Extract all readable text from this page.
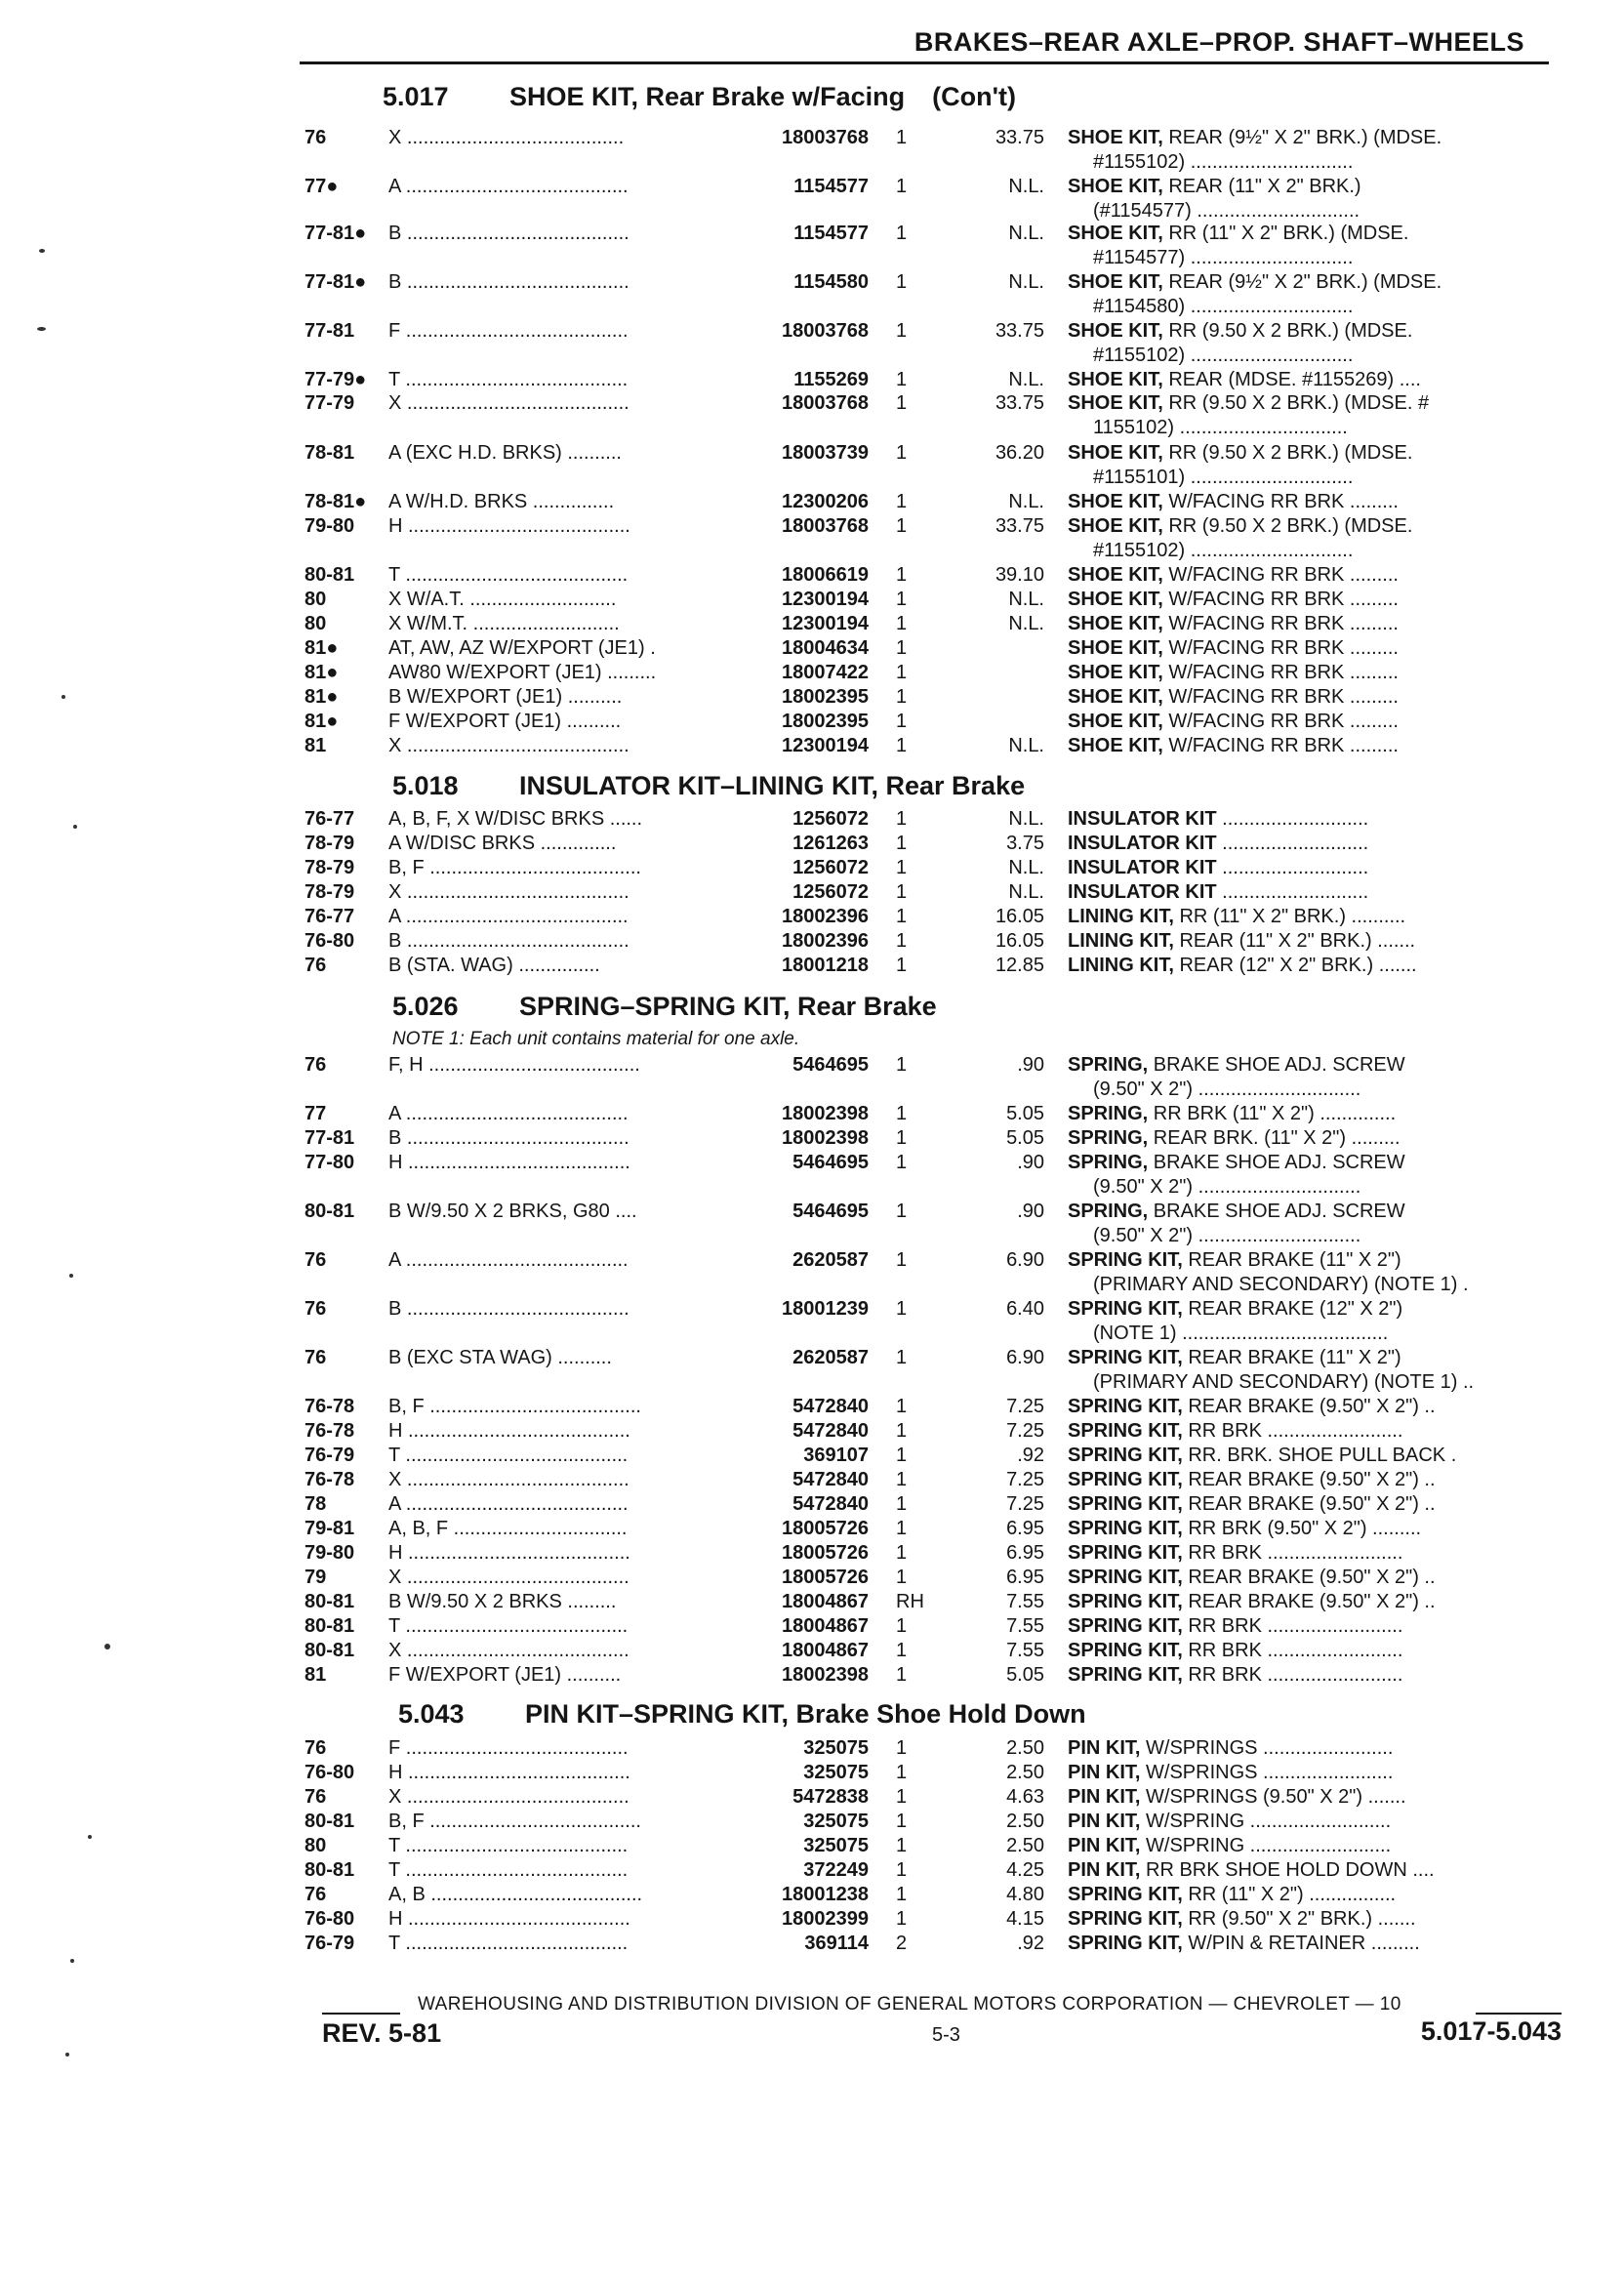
BRAKES–REAR AXLE–PROP. SHAFT–WHEELS
5.017 SHOE KIT, Rear Brake w/Facing (Con't)
76	X ........................................	18003768 1	33.75 SHOE KIT, REAR (9½" X 2" BRK.) (MDSE.
#1155102) ..............................
77●	A .........................................	1154577 1	N.L. SHOE KIT, REAR (11" X 2" BRK.)
(#1154577) ..............................
77-81●	B .........................................	1154577 1	N.L. SHOE KIT, RR (11" X 2" BRK.) (MDSE.
#1154577) ..............................
77-81●	B .........................................	1154580 1	N.L. SHOE KIT, REAR (9½" X 2" BRK.) (MDSE.
#1154580) ..............................
77-81	F .........................................	18003768 1	33.75 SHOE KIT, RR (9.50 X 2 BRK.) (MDSE.
#1155102) ..............................
77-79●	T .........................................	1155269 1	N.L. SHOE KIT, REAR (MDSE. #1155269) ....
77-79	X .........................................	18003768 1	33.75 SHOE KIT, RR (9.50 X 2 BRK.) (MDSE. #
1155102) ...............................
78-81	A (EXC H.D. BRKS) ..........	18003739 1	36.20 SHOE KIT, RR (9.50 X 2 BRK.) (MDSE.
#1155101) ..............................
78-81●	A W/H.D. BRKS ...............	12300206 1	N.L. SHOE KIT, W/FACING RR BRK .........
79-80	H .........................................	18003768 1	33.75 SHOE KIT, RR (9.50 X 2 BRK.) (MDSE.
#1155102) ..............................
80-81	T .........................................	18006619 1	39.10 SHOE KIT, W/FACING RR BRK .........
80	X W/A.T. ...........................	12300194 1	N.L. SHOE KIT, W/FACING RR BRK .........
80	X W/M.T. ...........................	12300194 1	N.L. SHOE KIT, W/FACING RR BRK .........
81●	AT, AW, AZ W/EXPORT (JE1) .	18004634 1	SHOE KIT, W/FACING RR BRK .........
81●	AW80 W/EXPORT (JE1) .........	18007422 1	SHOE KIT, W/FACING RR BRK .........
81●	B W/EXPORT (JE1) ..........	18002395 1	SHOE KIT, W/FACING RR BRK .........
81●	F W/EXPORT (JE1) ..........	18002395 1	SHOE KIT, W/FACING RR BRK .........
81	X .........................................	12300194 1	N.L. SHOE KIT, W/FACING RR BRK .........
5.018 INSULATOR KIT–LINING KIT, Rear Brake
76-77	A, B, F, X W/DISC BRKS ......	1256072 1	N.L. INSULATOR KIT ...........................
78-79	A W/DISC BRKS ..............	1261263 1	3.75 INSULATOR KIT ...........................
78-79	B, F .......................................	1256072 1	N.L. INSULATOR KIT ...........................
78-79	X .........................................	1256072 1	N.L. INSULATOR KIT ...........................
76-77	A .........................................	18002396 1	16.05 LINING KIT, RR (11" X 2" BRK.) ..........
76-80	B .........................................	18002396 1	16.05 LINING KIT, REAR (11" X 2" BRK.) .......
76	B (STA. WAG) ...............	18001218 1	12.85 LINING KIT, REAR (12" X 2" BRK.) .......
5.026 SPRING–SPRING KIT, Rear Brake
NOTE 1: Each unit contains material for one axle.
76	F, H .......................................	5464695 1	.90 SPRING, BRAKE SHOE ADJ. SCREW
(9.50" X 2") ..............................
77	A .........................................	18002398 1	5.05 SPRING, RR BRK (11" X 2") ..............
77-81	B .........................................	18002398 1	5.05 SPRING, REAR BRK. (11" X 2") .........
77-80	H .........................................	5464695 1	.90 SPRING, BRAKE SHOE ADJ. SCREW
(9.50" X 2") ..............................
80-81	B W/9.50 X 2 BRKS, G80 ....	5464695 1	.90 SPRING, BRAKE SHOE ADJ. SCREW
(9.50" X 2") ..............................
76	A .........................................	2620587 1	6.90 SPRING KIT, REAR BRAKE (11" X 2")
(PRIMARY AND SECONDARY) (NOTE 1) .
76	B .........................................	18001239 1	6.40 SPRING KIT, REAR BRAKE (12" X 2")
(NOTE 1) ......................................
76	B (EXC STA WAG) ..........	2620587 1	6.90 SPRING KIT, REAR BRAKE (11" X 2")
(PRIMARY AND SECONDARY) (NOTE 1) ..
76-78	B, F .......................................	5472840 1	7.25 SPRING KIT, REAR BRAKE (9.50" X 2") ..
76-78	H .........................................	5472840 1	7.25 SPRING KIT, RR BRK .........................
76-79	T .........................................	369107 1	.92 SPRING KIT, RR. BRK. SHOE PULL BACK .
76-78	X .........................................	5472840 1	7.25 SPRING KIT, REAR BRAKE (9.50" X 2") ..
78	A .........................................	5472840 1	7.25 SPRING KIT, REAR BRAKE (9.50" X 2") ..
79-81	A, B, F ................................	18005726 1	6.95 SPRING KIT, RR BRK (9.50" X 2") .........
79-80	H .........................................	18005726 1	6.95 SPRING KIT, RR BRK .........................
79	X .........................................	18005726 1	6.95 SPRING KIT, REAR BRAKE (9.50" X 2") ..
80-81	B W/9.50 X 2 BRKS .........	18004867 RH	7.55 SPRING KIT, REAR BRAKE (9.50" X 2") ..
80-81	T .........................................	18004867 1	7.55 SPRING KIT, RR BRK .........................
80-81	X .........................................	18004867 1	7.55 SPRING KIT, RR BRK .........................
81	F W/EXPORT (JE1) ..........	18002398 1	5.05 SPRING KIT, RR BRK .........................
5.043 PIN KIT–SPRING KIT, Brake Shoe Hold Down
76	F .........................................	325075 1	2.50 PIN KIT, W/SPRINGS ........................
76-80	H .........................................	325075 1	2.50 PIN KIT, W/SPRINGS ........................
76	X .........................................	5472838 1	4.63 PIN KIT, W/SPRINGS (9.50" X 2") .......
80-81	B, F .......................................	325075 1	2.50 PIN KIT, W/SPRING ..........................
80	T .........................................	325075 1	2.50 PIN KIT, W/SPRING ..........................
80-81	T .........................................	372249 1	4.25 PIN KIT, RR BRK SHOE HOLD DOWN ....
76	A, B .......................................	18001238 1	4.80 SPRING KIT, RR (11" X 2") ................
76-80	H .........................................	18002399 1	4.15 SPRING KIT, RR (9.50" X 2" BRK.) .......
76-79	T .........................................	369114 2	.92 SPRING KIT, W/PIN & RETAINER .........
WAREHOUSING AND DISTRIBUTION DIVISION OF GENERAL MOTORS CORPORATION — CHEVROLET — 10
REV. 5-81	5-3	5.017-5.043
